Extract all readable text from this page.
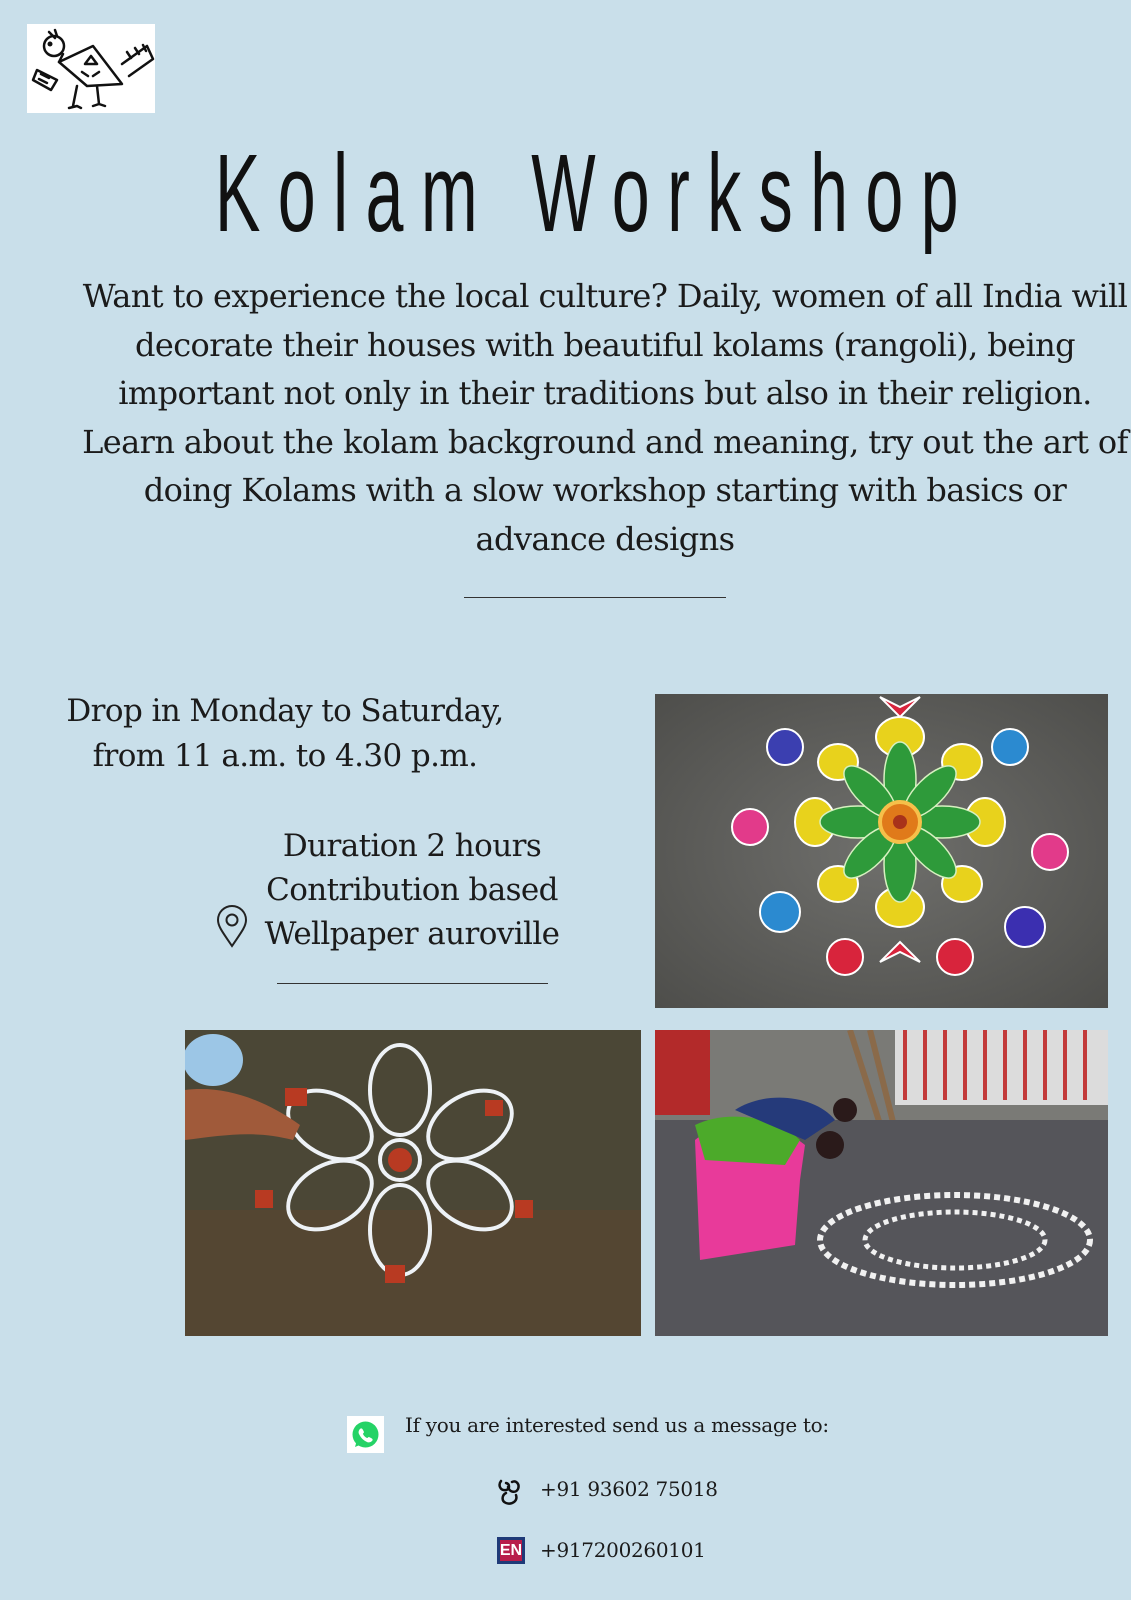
Kolam Workshop
Want to experience the local culture? Daily, women of all India will decorate their houses with beautiful kolams (rangoli), being important not only in their traditions but also in their religion. Learn about the kolam background and meaning, try out the art of doing Kolams with a slow workshop starting with basics or advance designs
Drop in Monday to Saturday,
from 11 a.m. to 4.30 p.m.
Duration 2 hours
Contribution based
Wellpaper auroville
If you are interested send us a message to:
+91 93602 75018
EN +917200260101
